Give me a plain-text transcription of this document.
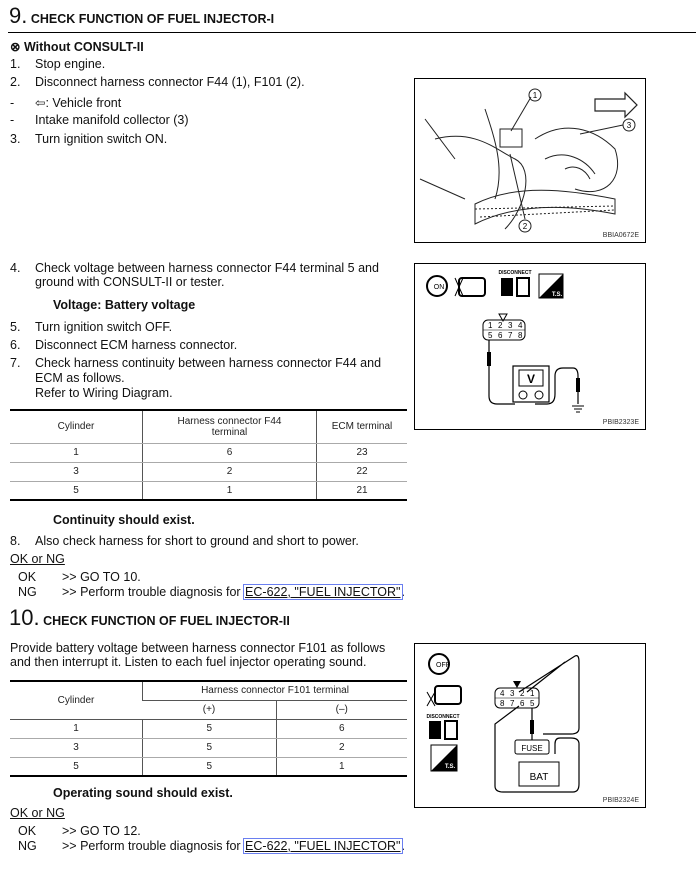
9. CHECK FUNCTION OF FUEL INJECTOR-I
⊗ Without CONSULT-II
1. Stop engine.
2. Disconnect harness connector F44 (1), F101 (2).
- ⇦: Vehicle front
- Intake manifold collector (3)
3. Turn ignition switch ON.
4. Check voltage between harness connector F44 terminal 5 and
ground with CONSULT-II or tester.
Voltage: Battery voltage
5. Turn ignition switch OFF.
6. Disconnect ECM harness connector.
7. Check harness continuity between harness connector F44 and
ECM as follows.
Refer to Wiring Diagram.
Cylinder	Harness connector F44 terminal	ECM terminal
1	6	23
3	2	22
5	1	21
Continuity should exist.
8. Also check harness for short to ground and short to power.
OK or NG
OK >> GO TO 10.
NG >> Perform trouble diagnosis for EC-622, "FUEL INJECTOR".
1
2
3
BBIA0672E
ON
DISCONNECT
T.S.
1 2 3 4
5 6 7 8
V
PBIB2323E
10. CHECK FUNCTION OF FUEL INJECTOR-II
Provide battery voltage between harness connector F101 as follows
and then interrupt it. Listen to each fuel injector operating sound.
Cylinder	Harness connector F101 terminal	
	(+)	(–)
1	5	6
3	5	2
5	5	1
Operating sound should exist.
OK or NG
OK >> GO TO 12.
NG >> Perform trouble diagnosis for EC-622, "FUEL INJECTOR".
OFF
DISCONNECT
T.S.
4 3 2 1
8 7 6 5
FUSE
BAT
PBIB2324E
